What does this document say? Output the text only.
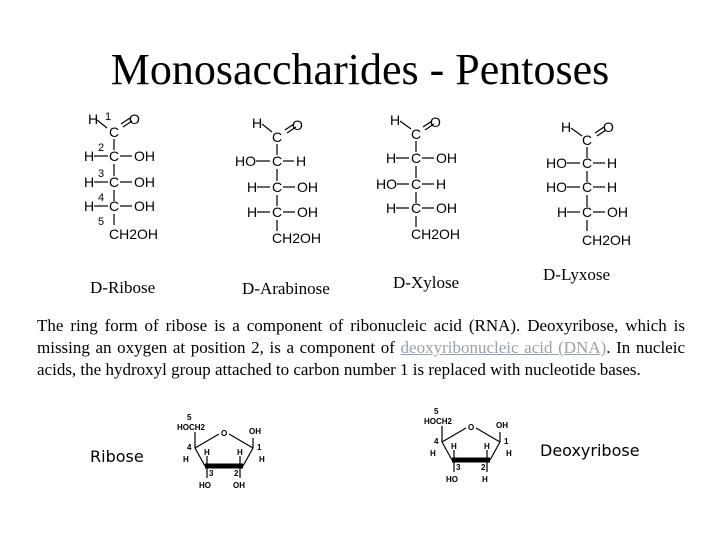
Monosaccharides - Pentoses
H 1 O
C
2
H C OH
3
H C OH
4
H C OH
5
CH2OH
D-Ribose
H O
C
HO C H
H C OH
H C OH
CH2OH
D-Arabinose
H O
C
H C OH
HO C H
H C OH
CH2OH
D-Xylose
H O
C
HO C H
HO C H
H C OH
CH2OH
D-Lyxose

The ring form of ribose is a component of ribonucleic acid (RNA). Deoxyribose, which is missing an oxygen at position 2, is a component of deoxyribonucleic acid (DNA). In nucleic acids, the hydroxyl group attached to carbon number 1 is replaced with nucleotide bases.

5
HOCH2
O	OH
4	1
H	H
H	H
3	2
HO	OH
Ribose
5
HOCH2
O	OH
4	1
H	H
H	H
3	2
HO	H
Deoxyribose
